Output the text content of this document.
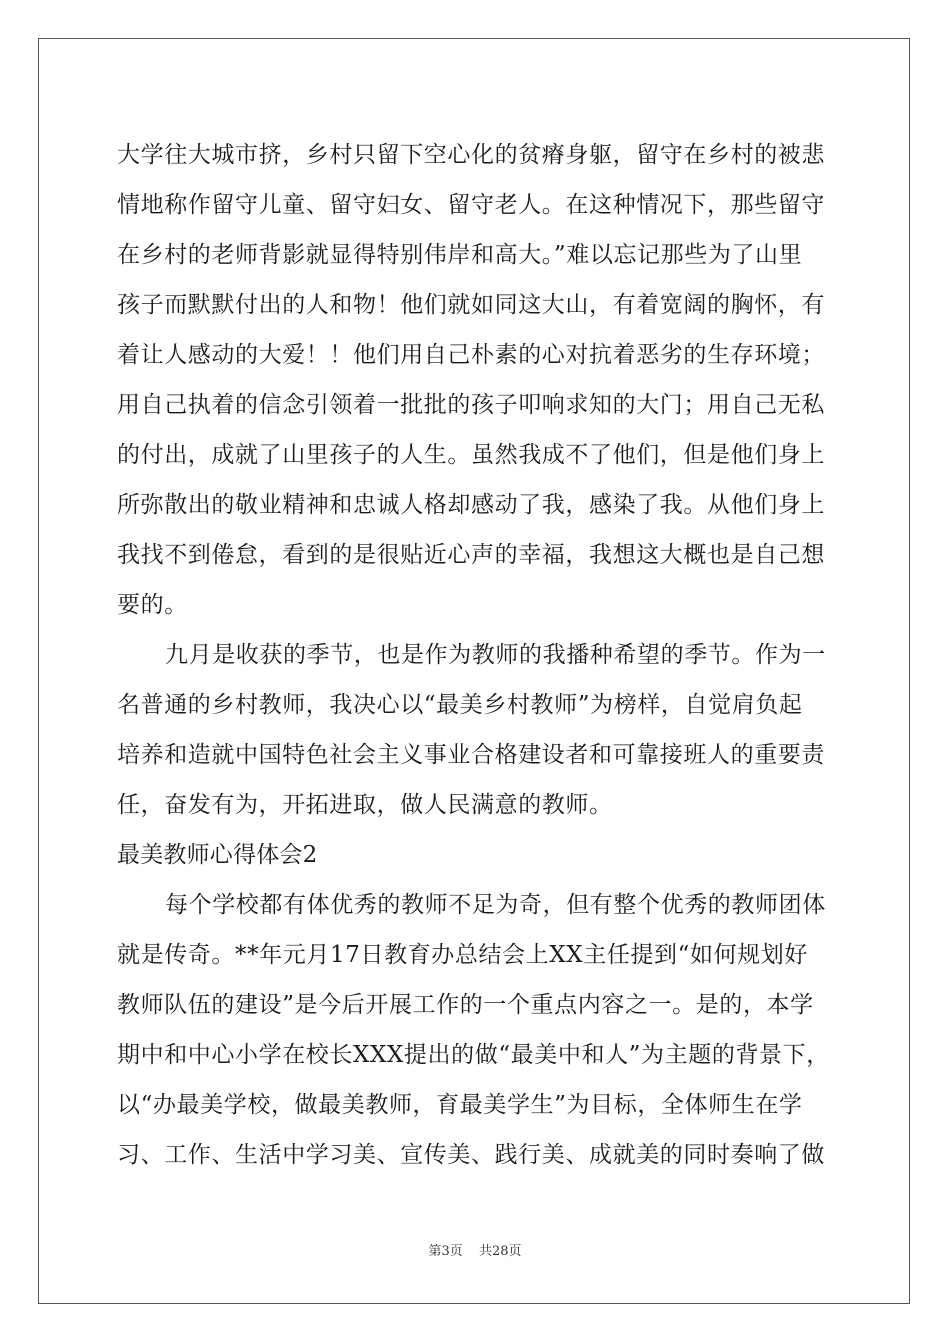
大学往大城市挤，乡村只留下空心化的贫瘠身躯，留守在乡村的被悲
情地称作留守儿童、留守妇女、留守老人。在这种情况下，那些留守
在乡村的老师背影就显得特别伟岸和高大。”难以忘记那些为了山里
孩子而默默付出的人和物！他们就如同这大山，有着宽阔的胸怀，有
着让人感动的大爱！！他们用自己朴素的心对抗着恶劣的生存环境；
用自己执着的信念引领着一批批的孩子叩响求知的大门；用自己无私
的付出，成就了山里孩子的人生。虽然我成不了他们，但是他们身上
所弥散出的敬业精神和忠诚人格却感动了我，感染了我。从他们身上
我找不到倦怠，看到的是很贴近心声的幸福，我想这大概也是自己想
要的。
九月是收获的季节，也是作为教师的我播种希望的季节。作为一
名普通的乡村教师，我决心以“最美乡村教师”为榜样，自觉肩负起
培养和造就中国特色社会主义事业合格建设者和可靠接班人的重要责
任，奋发有为，开拓进取，做人民满意的教师。
最美教师心得体会2
每个学校都有体优秀的教师不足为奇，但有整个优秀的教师团体
就是传奇。**年元月17日教育办总结会上XX主任提到“如何规划好
教师队伍的建设”是今后开展工作的一个重点内容之一。是的，本学
期中和中心小学在校长XXX提出的做“最美中和人”为主题的背景下，
以“办最美学校，做最美教师，育最美学生”为目标，全体师生在学
习、工作、生活中学习美、宣传美、践行美、成就美的同时奏响了做
第3页 共28页
